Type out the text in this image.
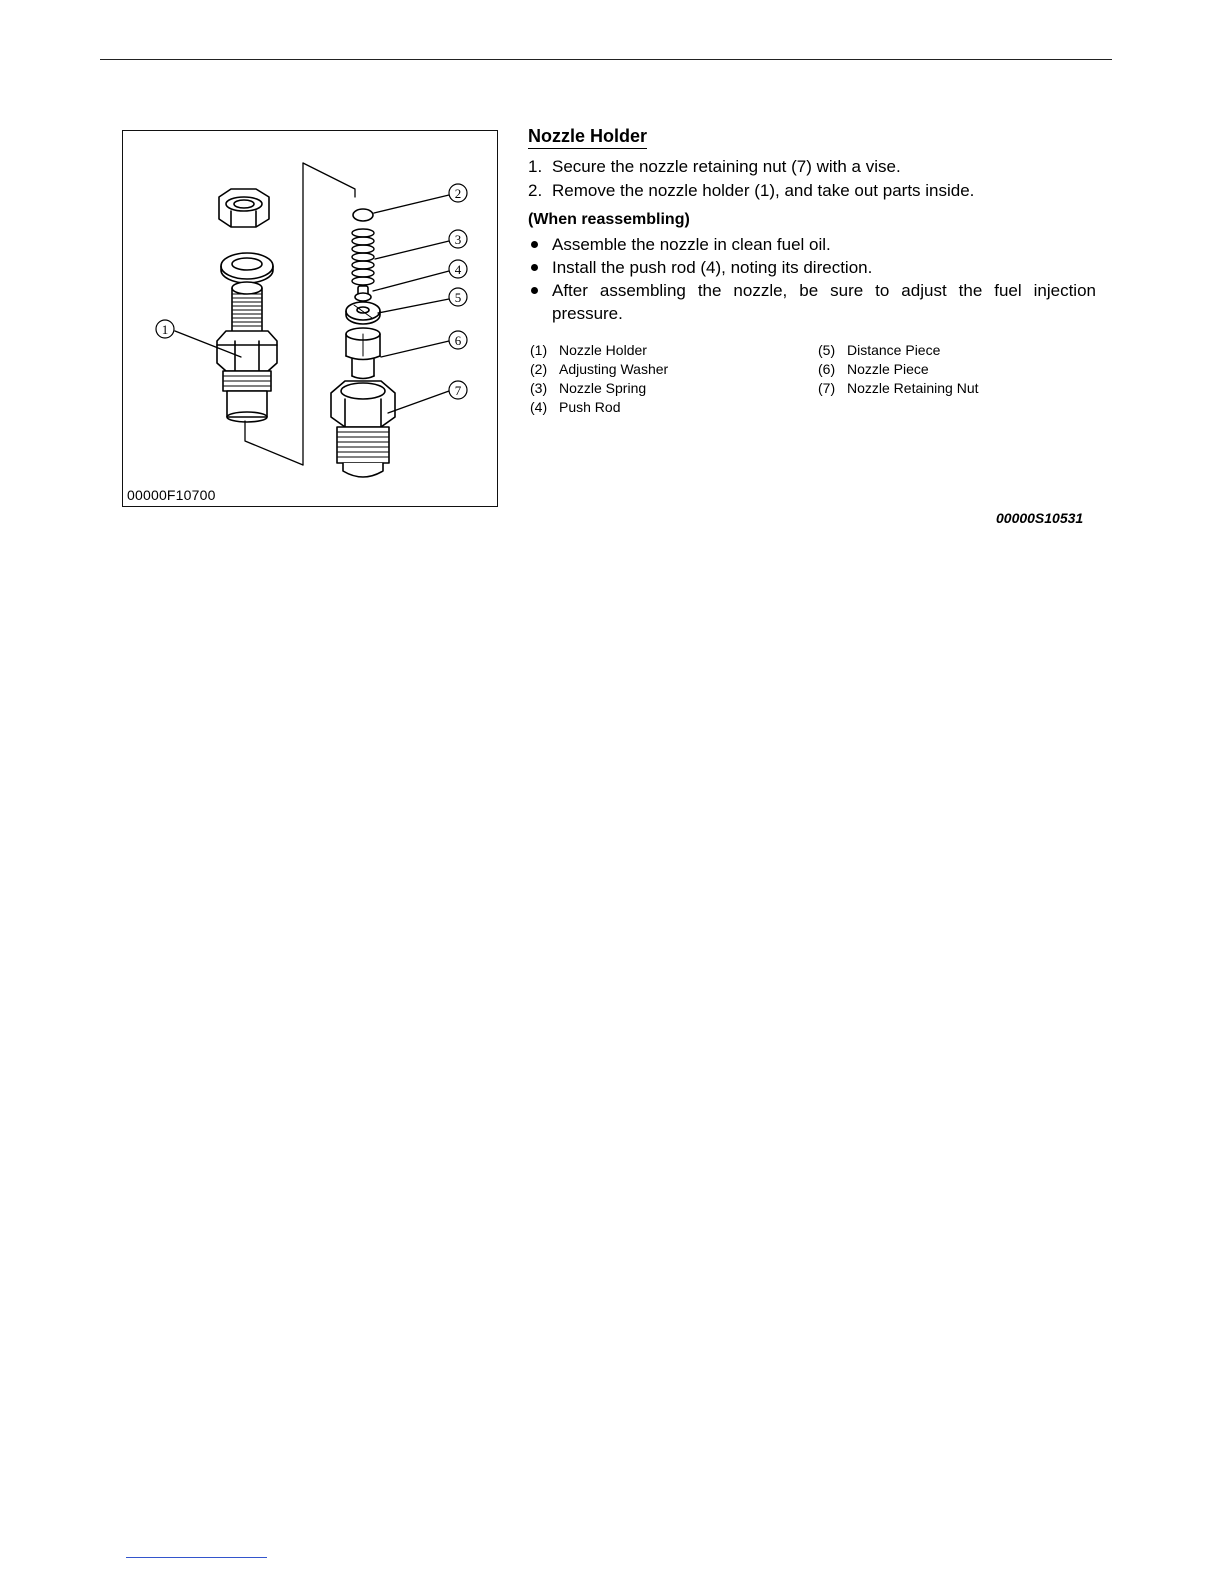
2
3
4
5
6
7
1
00000F10700
Nozzle Holder
1. Secure the nozzle retaining nut (7) with a vise.
2. Remove the nozzle holder (1), and take out parts inside.
(When reassembling)
Assemble the nozzle in clean fuel oil.
Install the push rod (4), noting its direction.
After assembling the nozzle, be sure to adjust the fuel injection pressure.
(1) Nozzle Holder
(2) Adjusting Washer
(3) Nozzle Spring
(4) Push Rod
(5) Distance Piece
(6) Nozzle Piece
(7) Nozzle Retaining Nut
00000S10531
